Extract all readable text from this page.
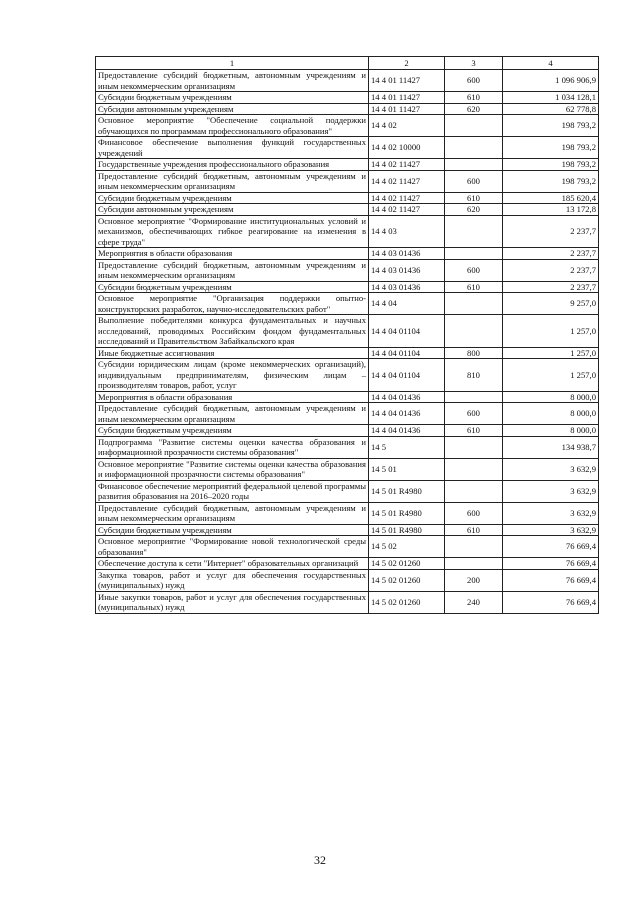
1	2	3	4
Предоставление субсидий бюджетным, автономным учреждениям и иным некоммерческим организациям	14 4 01 11427	600	1 096 906,9
Субсидии бюджетным учреждениям	14 4 01 11427	610	1 034 128,1
Субсидии автономным учреждениям	14 4 01 11427	620	62 778,8
Основное мероприятие "Обеспечение социальной поддержки обучающихся по программам профессионального образования"	14 4 02		198 793,2
Финансовое обеспечение выполнения функций государственных учреждений	14 4 02 10000		198 793,2
Государственные учреждения профессионального образования	14 4 02 11427		198 793,2
Предоставление субсидий бюджетным, автономным учреждениям и иным некоммерческим организациям	14 4 02 11427	600	198 793,2
Субсидии бюджетным учреждениям	14 4 02 11427	610	185 620,4
Субсидии автономным учреждениям	14 4 02 11427	620	13 172,8
Основное мероприятие "Формирование институциональных условий и механизмов, обеспечивающих гибкое реагирование на изменения в сфере труда"	14 4 03		2 237,7
Мероприятия в области образования	14 4 03 01436		2 237,7
Предоставление субсидий бюджетным, автономным учреждениям и иным некоммерческим организациям	14 4 03 01436	600	2 237,7
Субсидии бюджетным учреждениям	14 4 03 01436	610	2 237,7
Основное мероприятие "Организация поддержки опытно-конструкторских разработок, научно-исследовательских работ"	14 4 04		9 257,0
Выполнение победителями конкурса фундаментальных и научных исследований, проводимых Российским фондом фундаментальных исследований и Правительством Забайкальского края	14 4 04 01104		1 257,0
Иные бюджетные ассигнования	14 4 04 01104	800	1 257,0
Субсидии юридическим лицам (кроме некоммерческих организаций), индивидуальным предпринимателям, физическим лицам – производителям товаров, работ, услуг	14 4 04 01104	810	1 257,0
Мероприятия в области образования	14 4 04 01436		8 000,0
Предоставление субсидий бюджетным, автономным учреждениям и иным некоммерческим организациям	14 4 04 01436	600	8 000,0
Субсидии бюджетным учреждениям	14 4 04 01436	610	8 000,0
Подпрограмма "Развитие системы оценки качества образования и информационной прозрачности системы образования"	14 5		134 938,7
Основное мероприятие "Развитие системы оценки качества образования и информационной прозрачности системы образования"	14 5 01		3 632,9
Финансовое обеспечение мероприятий федеральной целевой программы развития образования на 2016–2020 годы	14 5 01 R4980		3 632,9
Предоставление субсидий бюджетным, автономным учреждениям и иным некоммерческим организациям	14 5 01 R4980	600	3 632,9
Субсидии бюджетным учреждениям	14 5 01 R4980	610	3 632,9
Основное мероприятие "Формирование новой технологической среды образования"	14 5 02		76 669,4
Обеспечение доступа к сети "Интернет" образовательных организаций	14 5 02 01260		76 669,4
Закупка товаров, работ и услуг для обеспечения государственных (муниципальных) нужд	14 5 02 01260	200	76 669,4
Иные закупки товаров, работ и услуг для обеспечения государственных (муниципальных) нужд	14 5 02 01260	240	76 669,4
32
